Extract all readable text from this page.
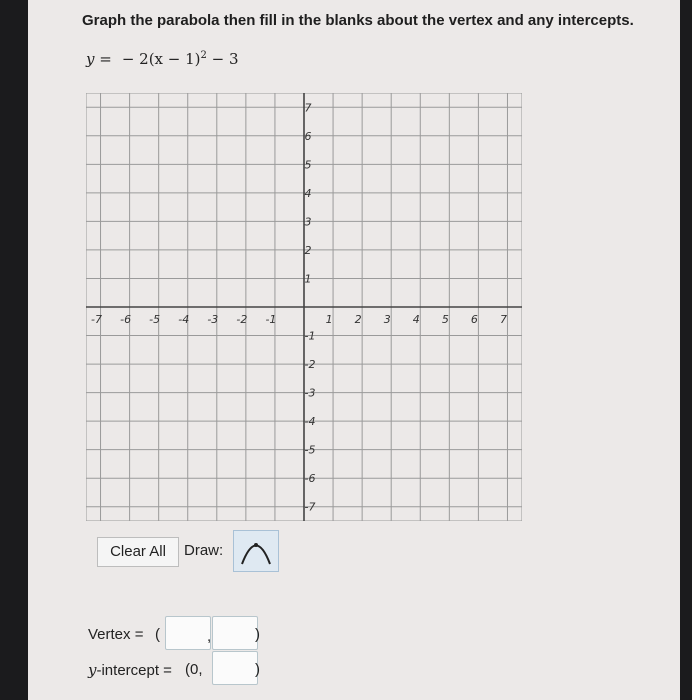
Graph the parabola then fill in the blanks about the vertex and any intercepts.
y = − $2(x - 1)^2 - 3$
-7 -6 -5 -4 -3 -2 -1	1 2 3 4 5 6 7
7
6
5
4
3
2
1
-1
-2
-3
-4
-5
-6
-7
Clear All	Draw:
Vertex = (	,	)
y-intercept = (0,	)
